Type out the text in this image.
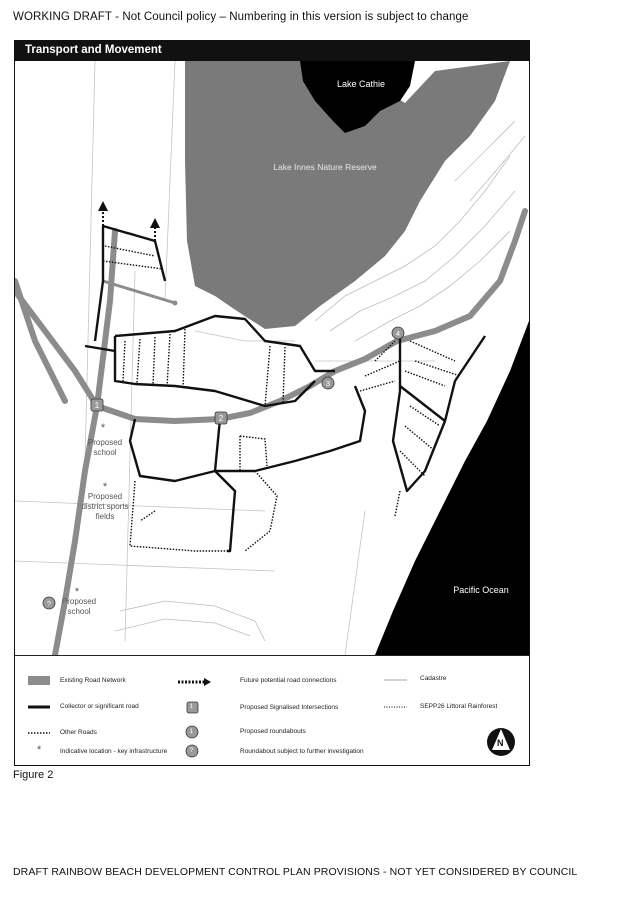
WORKING DRAFT - Not Council policy – Numbering in this version is subject to change
Transport and Movement
1
2
3
4
?
Lake Cathie
Lake Innes Nature Reserve
Pacific Ocean
*
Proposed
school
*
Proposed
district sports
fields
*
Proposed
school
*
Existing Road Network	Future potential road connections	Cadastre
Collector or significant road	1	Proposed Signalised Intersections	SEPP26 Littoral Rainforest
Other Roads	1	Proposed roundabouts
Indicative location - key infrastructure	?	Roundabout subject to further investigation
N
Figure 2
DRAFT RAINBOW BEACH DEVELOPMENT CONTROL PLAN PROVISIONS - NOT YET CONSIDERED BY COUNCIL
